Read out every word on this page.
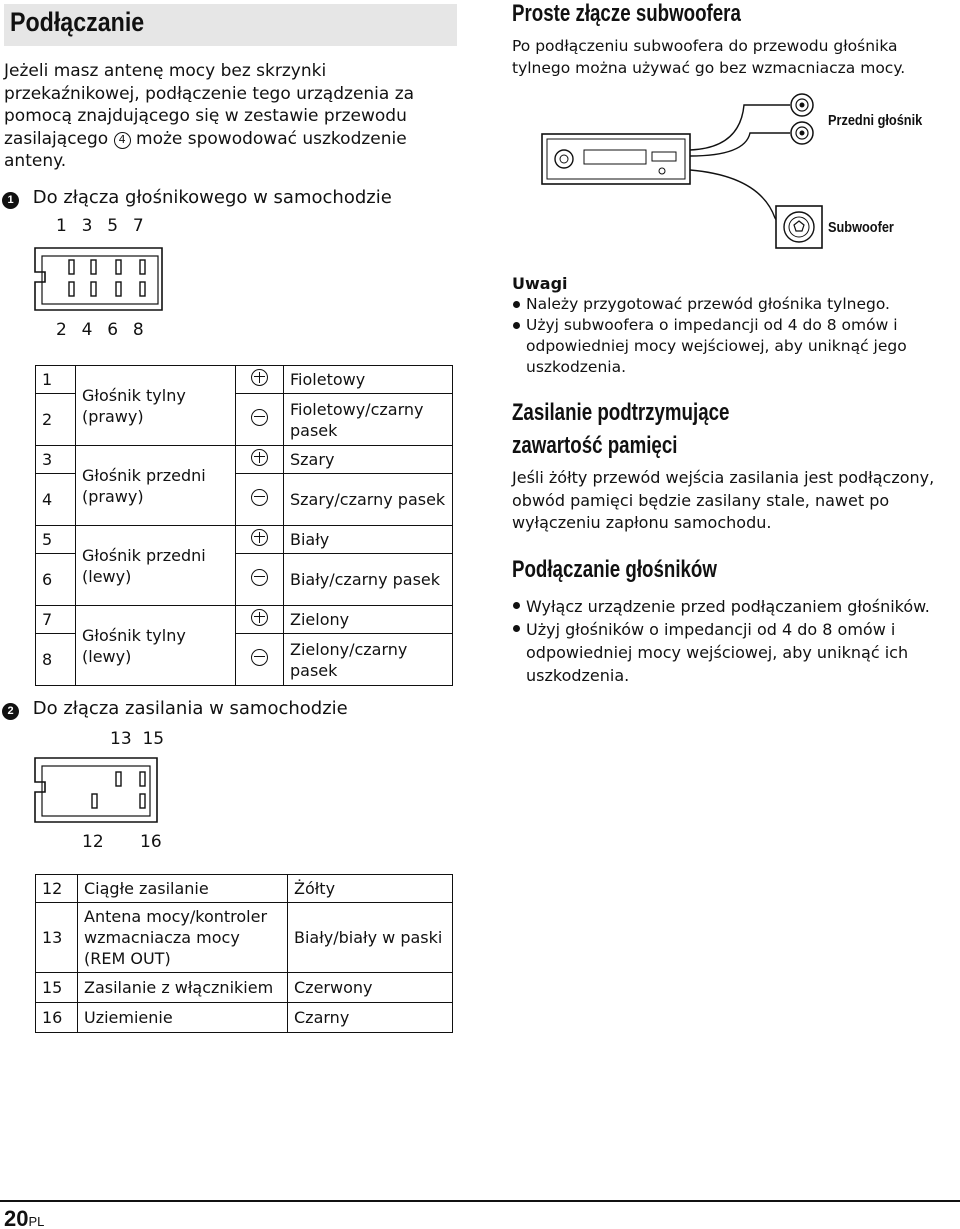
Podłączanie
Jeżeli masz antenę mocy bez skrzynki przekaźnikowej, podłączenie tego urządzenia za pomocą znajdującego się w zestawie przewodu zasilającego 4 może spowodować uszkodzenie anteny.
1 Do złącza głośnikowego w samochodzie
1  3  5  7
2  4  6  8
1	Głośnik tylny (prawy)		Fioletowy
2			Fioletowy/czarny pasek
3	Głośnik przedni (prawy)		Szary
4			Szary/czarny pasek
5	Głośnik przedni (lewy)		Biały
6			Biały/czarny pasek
7	Głośnik tylny (lewy)		Zielony
8			Zielony/czarny pasek
2 Do złącza zasilania w samochodzie
13  15
12 16
12	Ciągłe zasilanie	Żółty
13	Antena mocy/kontroler wzmacniacza mocy (REM OUT)	Biały/biały w paski
15	Zasilanie z włącznikiem	Czerwony
16	Uziemienie	Czarny
Proste złącze subwoofera
Po podłączeniu subwoofera do przewodu głośnika tylnego można używać go bez wzmacniacza mocy.
Przedni głośnik
Subwoofer
Uwagi
Należy przygotować przewód głośnika tylnego.
Użyj subwoofera o impedancji od 4 do 8 omów i odpowiedniej mocy wejściowej, aby uniknąć jego uszkodzenia.
Zasilanie podtrzymujące
zawartość pamięci
Jeśli żółty przewód wejścia zasilania jest podłączony, obwód pamięci będzie zasilany stale, nawet po wyłączeniu zapłonu samochodu.
Podłączanie głośników
Wyłącz urządzenie przed podłączaniem głośników.
Użyj głośników o impedancji od 4 do 8 omów i odpowiedniej mocy wejściowej, aby uniknąć ich uszkodzenia.
20PL
